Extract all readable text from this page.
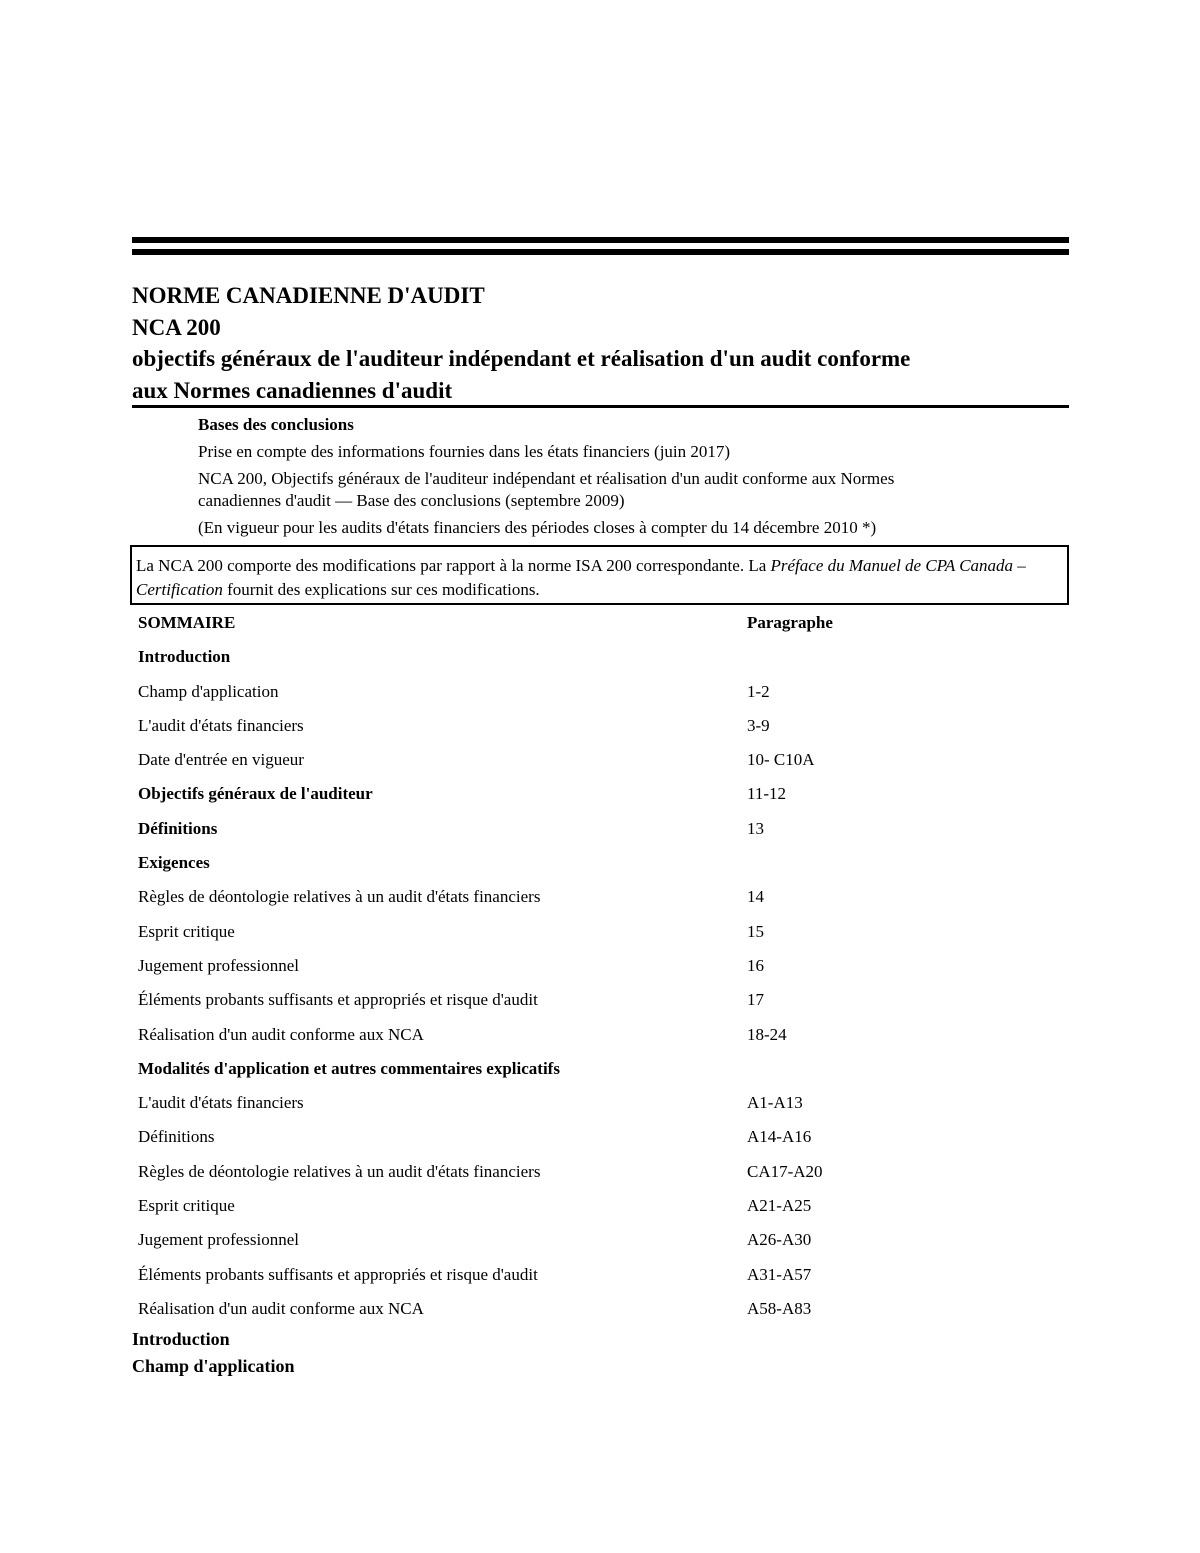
NORME CANADIENNE D'AUDIT
NCA 200
objectifs généraux de l'auditeur indépendant et réalisation d'un audit conforme
aux Normes canadiennes d'audit

Bases des conclusions

Prise en compte des informations fournies dans les états financiers (juin 2017)

NCA 200, Objectifs généraux de l'auditeur indépendant et réalisation d'un audit conforme aux Normes

canadiennes d'audit — Base des conclusions (septembre 2009)

(En vigueur pour les audits d'états financiers des périodes closes à compter du 14 décembre 2010 *)

La NCA 200 comporte des modifications par rapport à la norme ISA 200 correspondante. La Préface du Manuel de CPA Canada – Certification fournit des explications sur ces modifications.
SOMMAIRE	Paragraphe
Introduction
Champ d'application	1-2
L'audit d'états financiers	3-9
Date d'entrée en vigueur	10- C10A
Objectifs généraux de l'auditeur	11-12
Définitions	13
Exigences
Règles de déontologie relatives à un audit d'états financiers	14
Esprit critique	15
Jugement professionnel	16
Éléments probants suffisants et appropriés et risque d'audit	17
Réalisation d'un audit conforme aux NCA	18-24
Modalités d'application et autres commentaires explicatifs
L'audit d'états financiers	A1-A13
Définitions	A14-A16
Règles de déontologie relatives à un audit d'états financiers	CA17-A20
Esprit critique	A21-A25
Jugement professionnel	A26-A30
Éléments probants suffisants et appropriés et risque d'audit	A31-A57
Réalisation d'un audit conforme aux NCA	A58-A83
Introduction
Champ d'application
